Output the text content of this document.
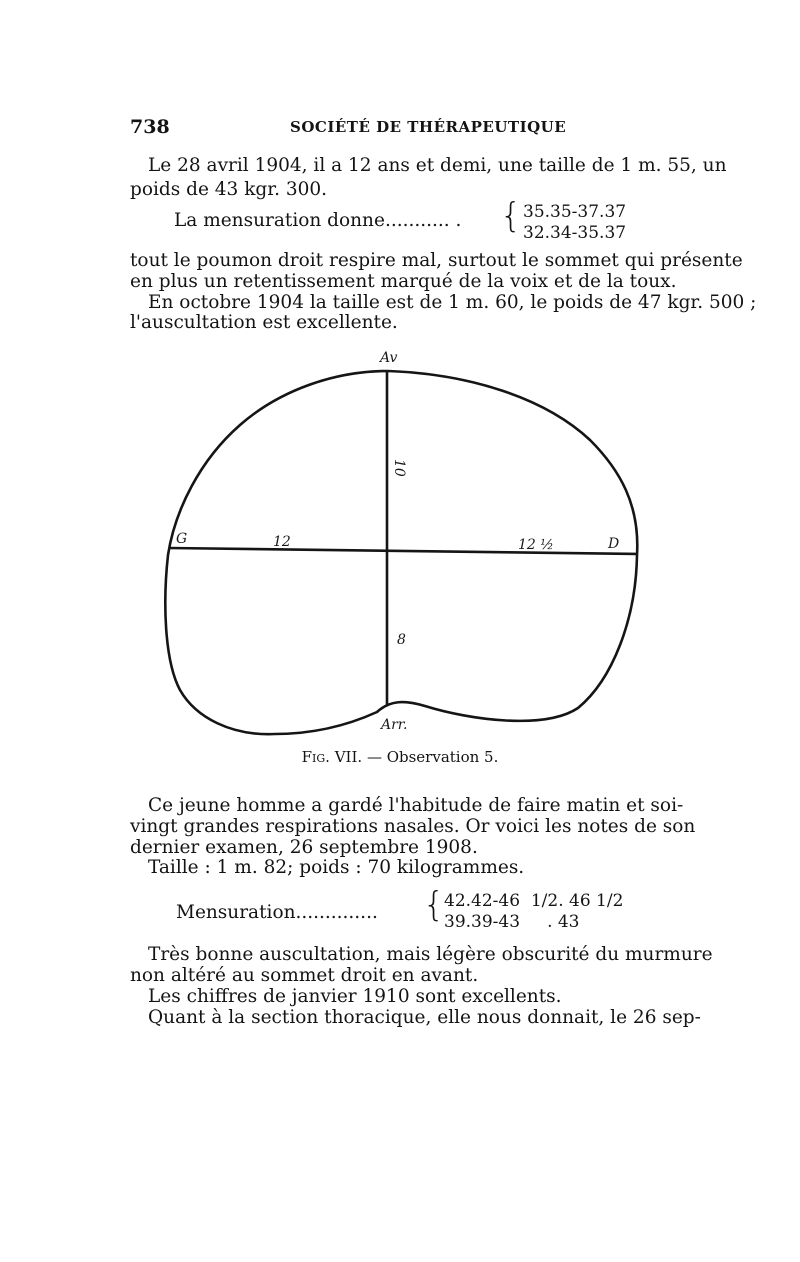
738	SOCIÉTÉ DE THÉRAPEUTIQUE
Le 28 avril 1904, il a 12 ans et demi, une taille de 1 m. 55, un
poids de 43 kgr. 300.
La mensuration donne........... . { 35.35-37.37
32.34-35.37
tout le poumon droit respire mal, surtout le sommet qui présente
en plus un retentissement marqué de la voix et de la toux.
En octobre 1904 la taille est de 1 m. 60, le poids de 47 kgr. 500 ;
l'auscultation est excellente.
Av
Arr.
G	D
12	12 ½
10
8
Fig. VII. — Observation 5.
Ce jeune homme a gardé l'habitude de faire matin et soi-
vingt grandes respirations nasales. Or voici les notes de son
dernier examen, 26 septembre 1908.
Taille : 1 m. 82; poids : 70 kilogrammes.
Mensuration.............. { 42.42-46  1/2. 46 1/2
39.39-43     . 43
Très bonne auscultation, mais légère obscurité du murmure
non altéré au sommet droit en avant.
Les chiffres de janvier 1910 sont excellents.
Quant à la section thoracique, elle nous donnait, le 26 sep-
